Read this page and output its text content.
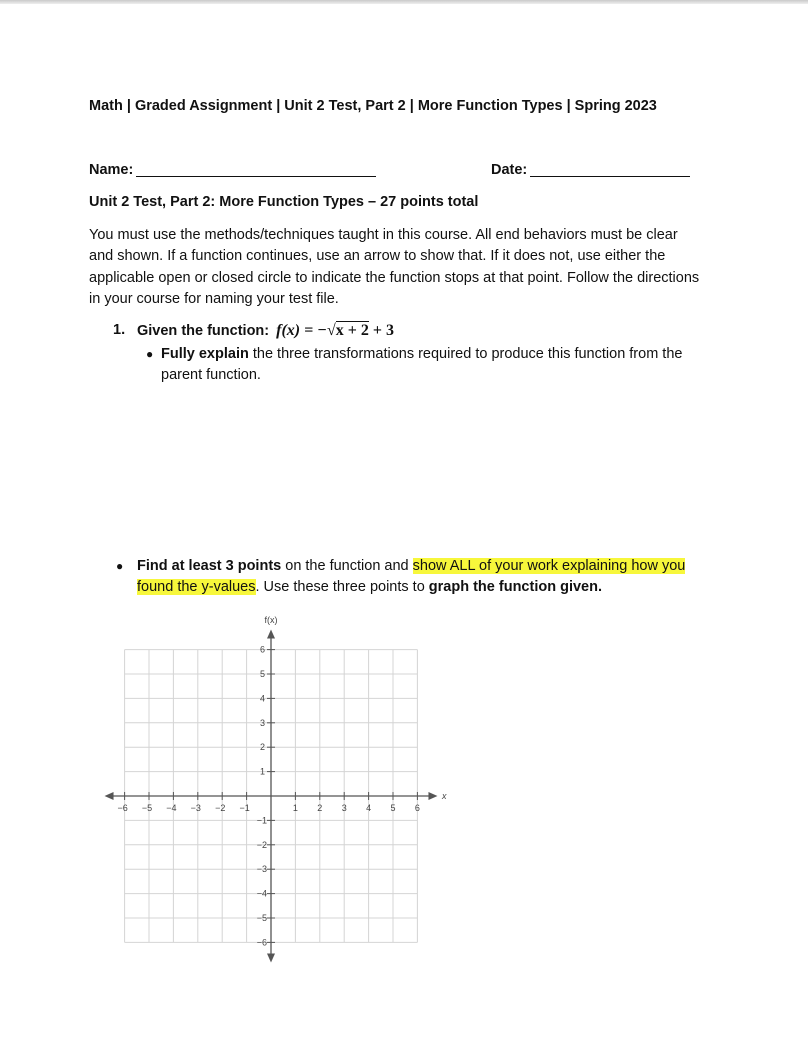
Math | Graded Assignment | Unit 2 Test, Part 2 | More Function Types | Spring 2023
Name:	Date:
Unit 2 Test, Part 2: More Function Types – 27 points total
You must use the methods/techniques taught in this course. All end behaviors must be clear and shown. If a function continues, use an arrow to show that. If it does not, use either the applicable open or closed circle to indicate the function stops at that point. Follow the directions in your course for naming your test file.
1. Given the function: f(x) = −√x + 2 + 3
● Fully explain the three transformations required to produce this function from the parent function.
● Find at least 3 points on the function and show ALL of your work explaining how you found the y-values. Use these three points to graph the function given.
−6 −5 −4 −3 −2 −1	1 2 3 4 5 6
6
5
4
3
2
1
−1
−2
−3
−4
−5
−6
f(x)
x
